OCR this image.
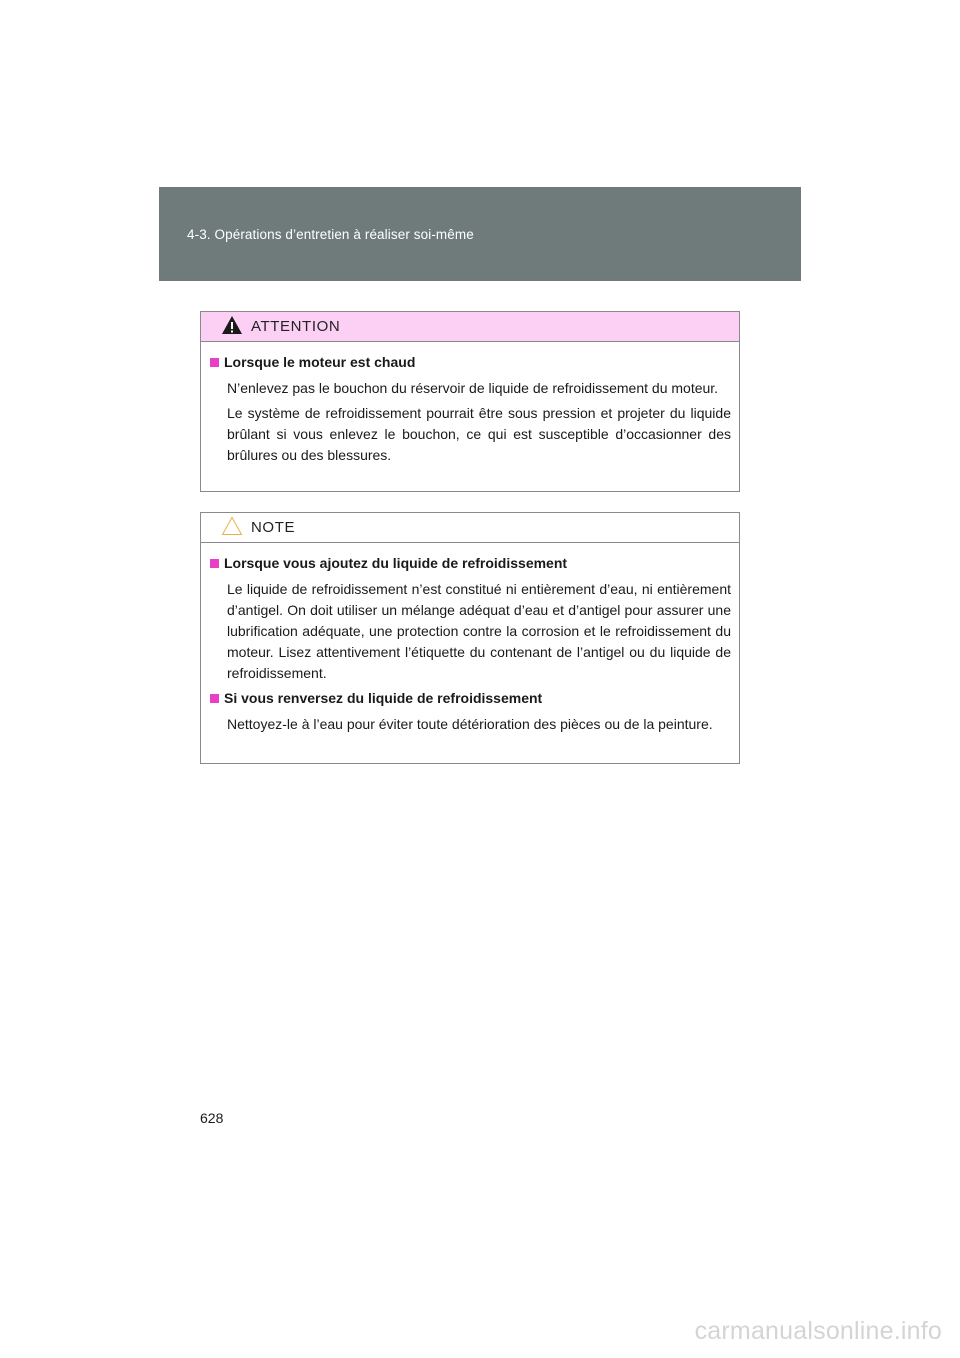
4-3. Opérations d’entretien à réaliser soi-même
ATTENTION
Lorsque le moteur est chaud

N’enlevez pas le bouchon du réservoir de liquide de refroidissement du moteur.

Le système de refroidissement pourrait être sous pression et projeter du liquide brûlant si vous enlevez le bouchon, ce qui est susceptible d’occasionner des brûlures ou des blessures.

NOTE
Lorsque vous ajoutez du liquide de refroidissement

Le liquide de refroidissement n’est constitué ni entièrement d’eau, ni entièrement d’antigel. On doit utiliser un mélange adéquat d’eau et d’antigel pour assurer une lubrification adéquate, une protection contre la corrosion et le refroidissement du moteur. Lisez attentivement l’étiquette du contenant de l’antigel ou du liquide de refroidissement.

Si vous renversez du liquide de refroidissement

Nettoyez-le à l’eau pour éviter toute détérioration des pièces ou de la peinture.

628
carmanualsonline.info
